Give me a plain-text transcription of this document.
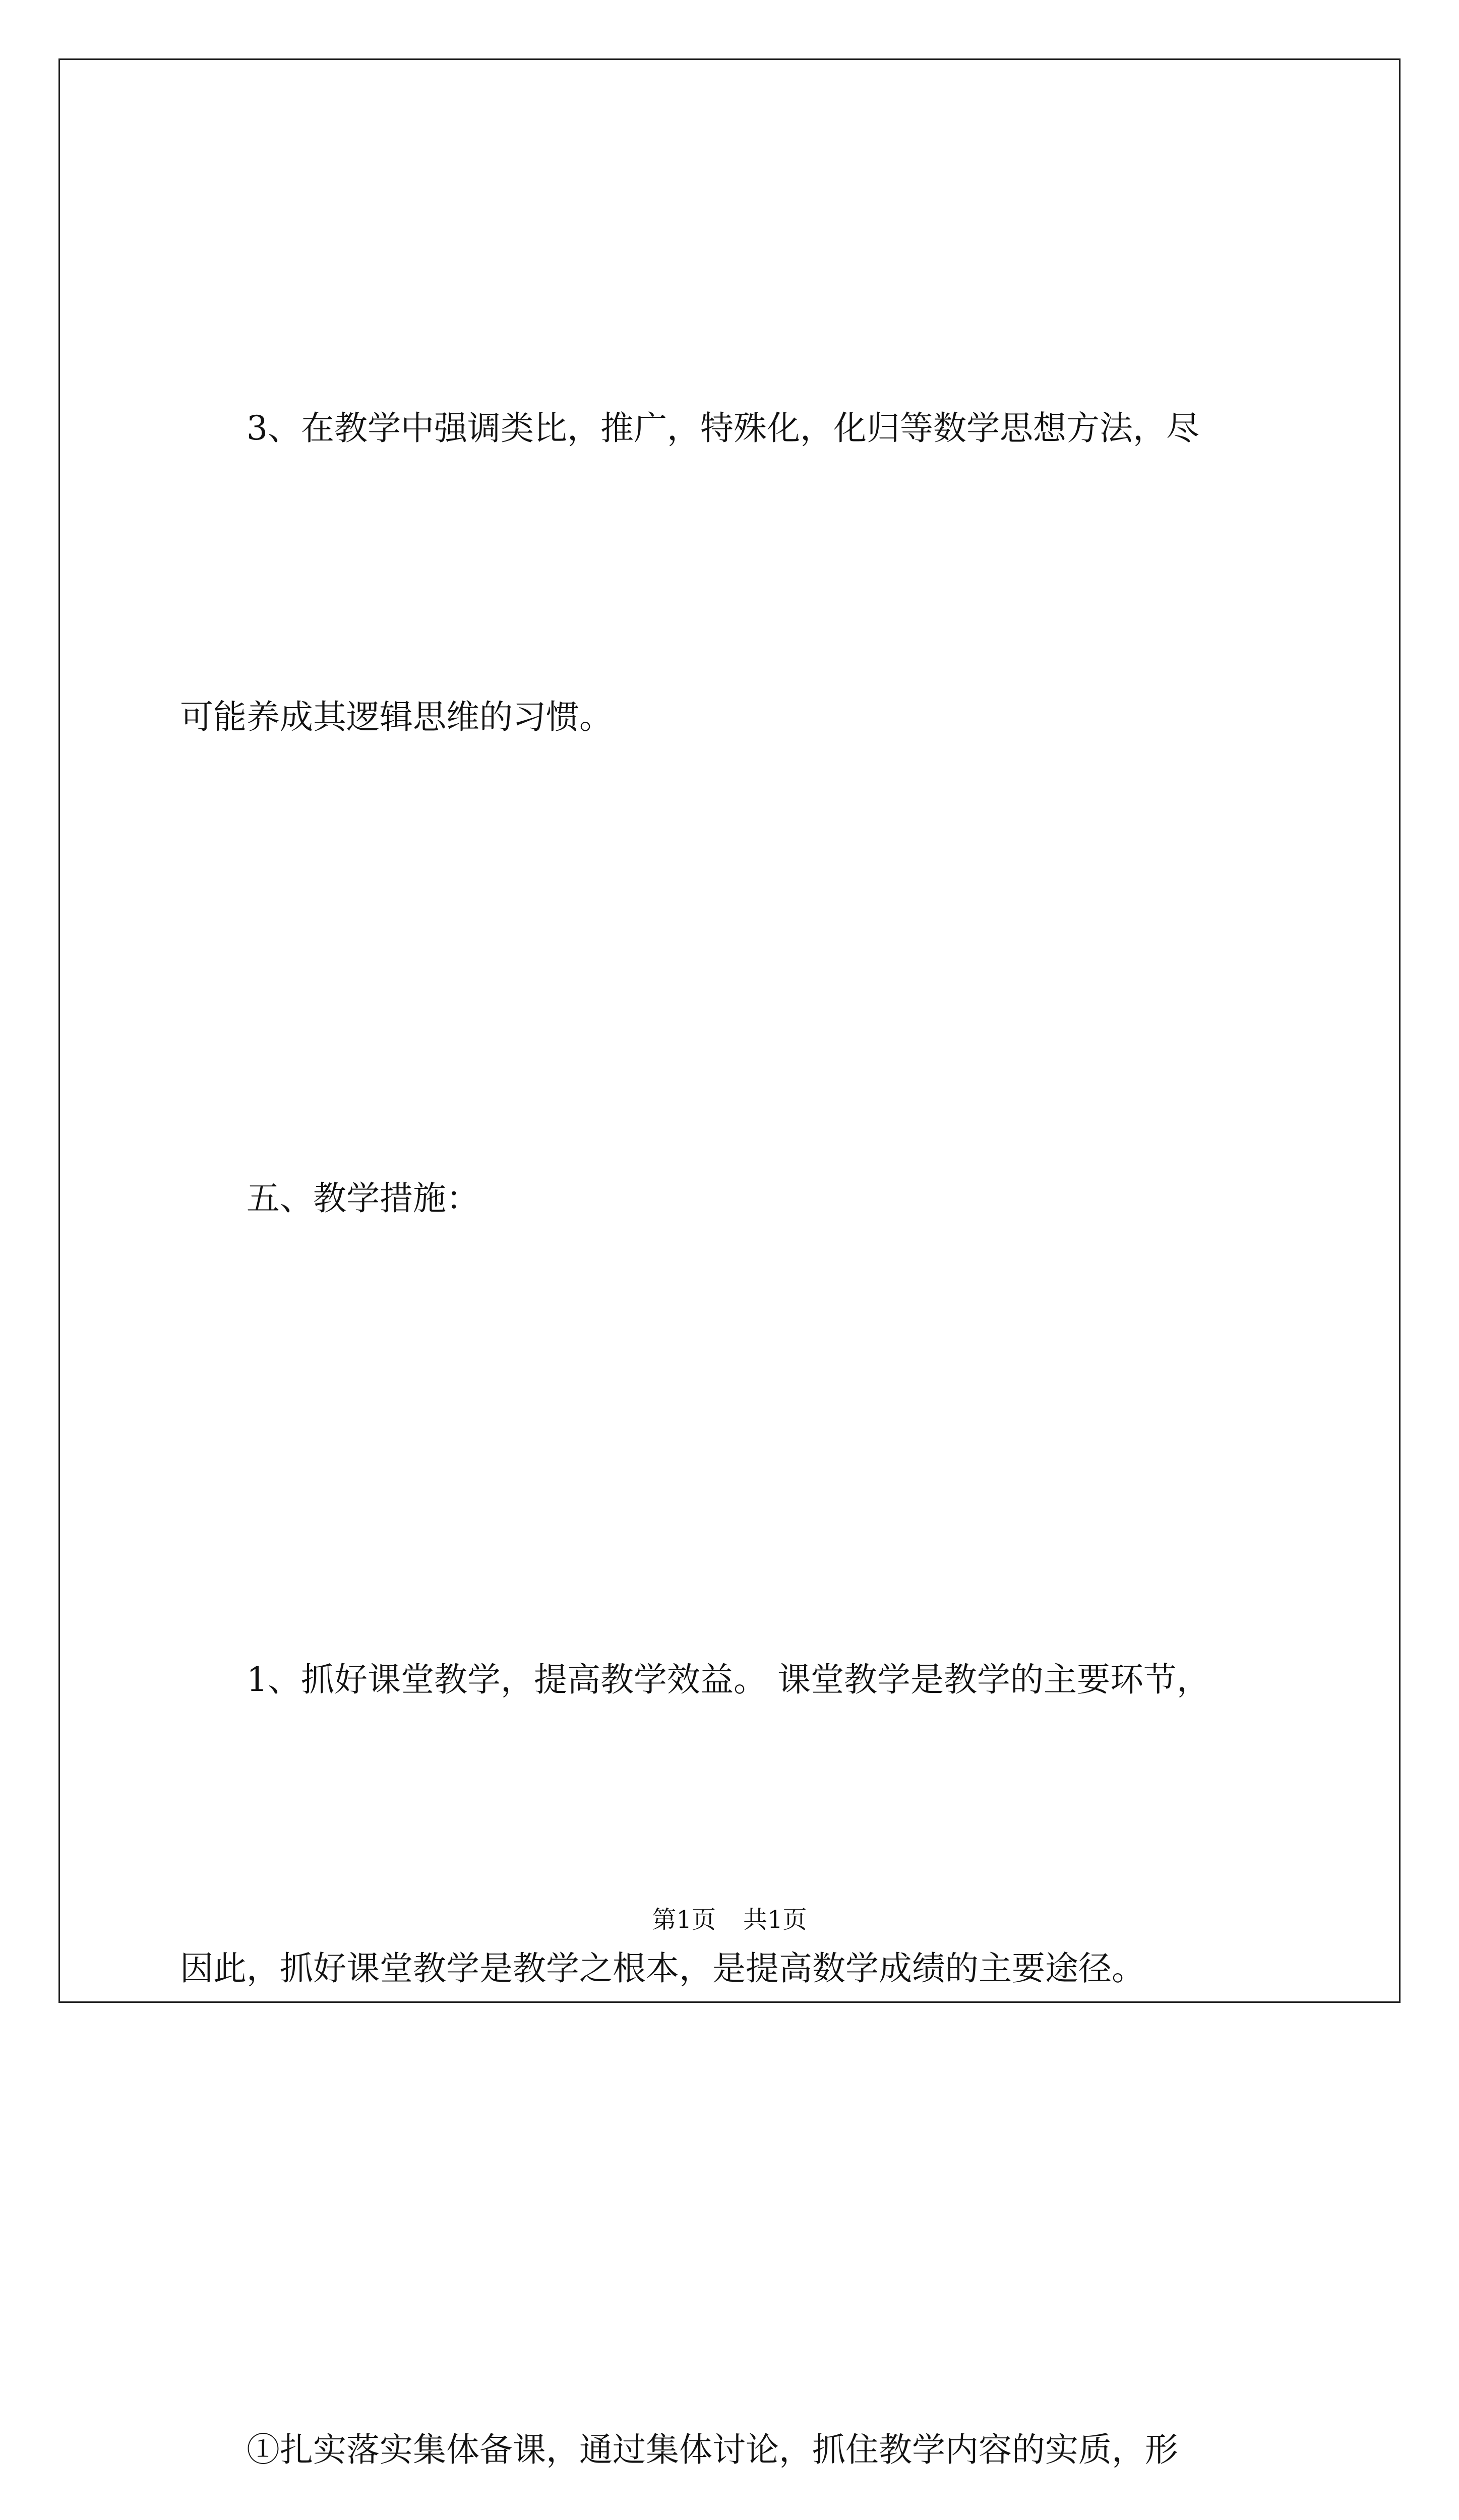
3、在教学中强调类比，推广，特殊化，化归等数学思想方法，尽

可能养成其逻辑思维的习惯。

五、教学措施：

1、抓好课堂教学，提高教学效益。 课堂教学是教学的主要环节，

因此，抓好课堂教学是教学之根本，是提高数学成绩的主要途径。

①扎实落实集体备课，通过集体讨论，抓住教学内容的实质，形

第1页 共1页
